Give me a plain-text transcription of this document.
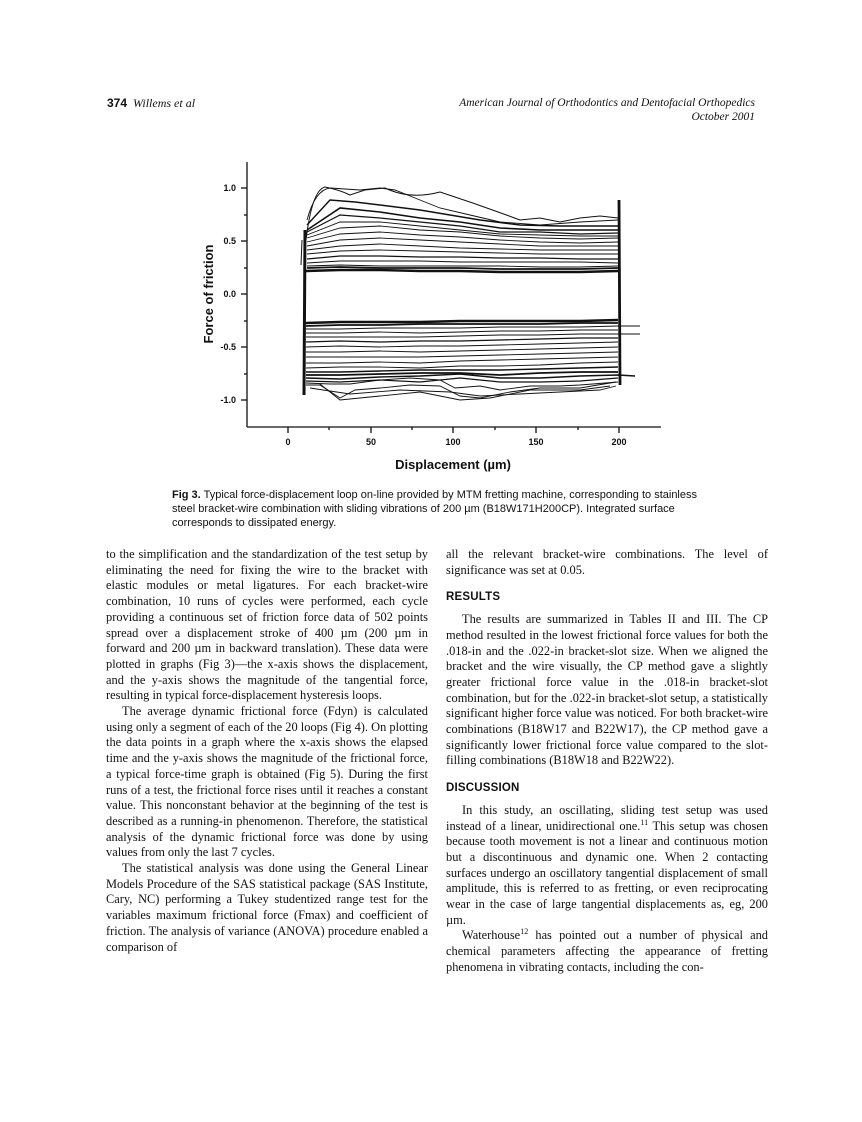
374 Willems et al	American Journal of Orthodontics and Dentofacial Orthopedics
October 2001
1.0
0.5
0.0
-0.5
-1.0
0	50	100	150	200
Displacement (µm)
Force of friction
Fig 3. Typical force-displacement loop on-line provided by MTM fretting machine, corresponding to stainless steel bracket-wire combination with sliding vibrations of 200 µm (B18W171H200CP). Integrated surface corresponds to dissipated energy.

to the simplification and the standardization of the test setup by eliminating the need for fixing the wire to the bracket with elastic modules or metal ligatures. For each bracket-wire combination, 10 runs of cycles were performed, each cycle providing a continuous set of friction force data of 502 points spread over a displacement stroke of 400 µm (200 µm in forward and 200 µm in backward translation). These data were plotted in graphs (Fig 3)—the x-axis shows the displacement, and the y-axis shows the magnitude of the tangential force, resulting in typical force-displacement hysteresis loops.

The average dynamic frictional force (Fdyn) is calculated using only a segment of each of the 20 loops (Fig 4). On plotting the data points in a graph where the x-axis shows the elapsed time and the y-axis shows the magnitude of the frictional force, a typical force-time graph is obtained (Fig 5). During the first runs of a test, the frictional force rises until it reaches a constant value. This nonconstant behavior at the beginning of the test is described as a running-in phenomenon. Therefore, the statistical analysis of the dynamic frictional force was done by using values from only the last 7 cycles.

The statistical analysis was done using the General Linear Models Procedure of the SAS statistical package (SAS Institute, Cary, NC) performing a Tukey studentized range test for the variables maximum frictional force (Fmax) and coefficient of friction. The analysis of variance (ANOVA) procedure enabled a comparison of

all the relevant bracket-wire combinations. The level of significance was set at 0.05.

RESULTS

The results are summarized in Tables II and III. The CP method resulted in the lowest frictional force values for both the .018-in and the .022-in bracket-slot size. When we aligned the bracket and the wire visually, the CP method gave a slightly greater frictional force value in the .018-in bracket-slot combination, but for the .022-in bracket-slot setup, a statistically significant higher force value was noticed. For both bracket-wire combinations (B18W17 and B22W17), the CP method gave a significantly lower frictional force value compared to the slot-filling combinations (B18W18 and B22W22).

DISCUSSION

In this study, an oscillating, sliding test setup was used instead of a linear, unidirectional one.$^{11}$ This setup was chosen because tooth movement is not a linear and continuous motion but a discontinuous and dynamic one. When 2 contacting surfaces undergo an oscillatory tangential displacement of small amplitude, this is referred to as fretting, or even reciprocating wear in the case of large tangential displacements as, eg, 200 µm.

Waterhouse$^{12}$ has pointed out a number of physical and chemical parameters affecting the appearance of fretting phenomena in vibrating contacts, including the con-
